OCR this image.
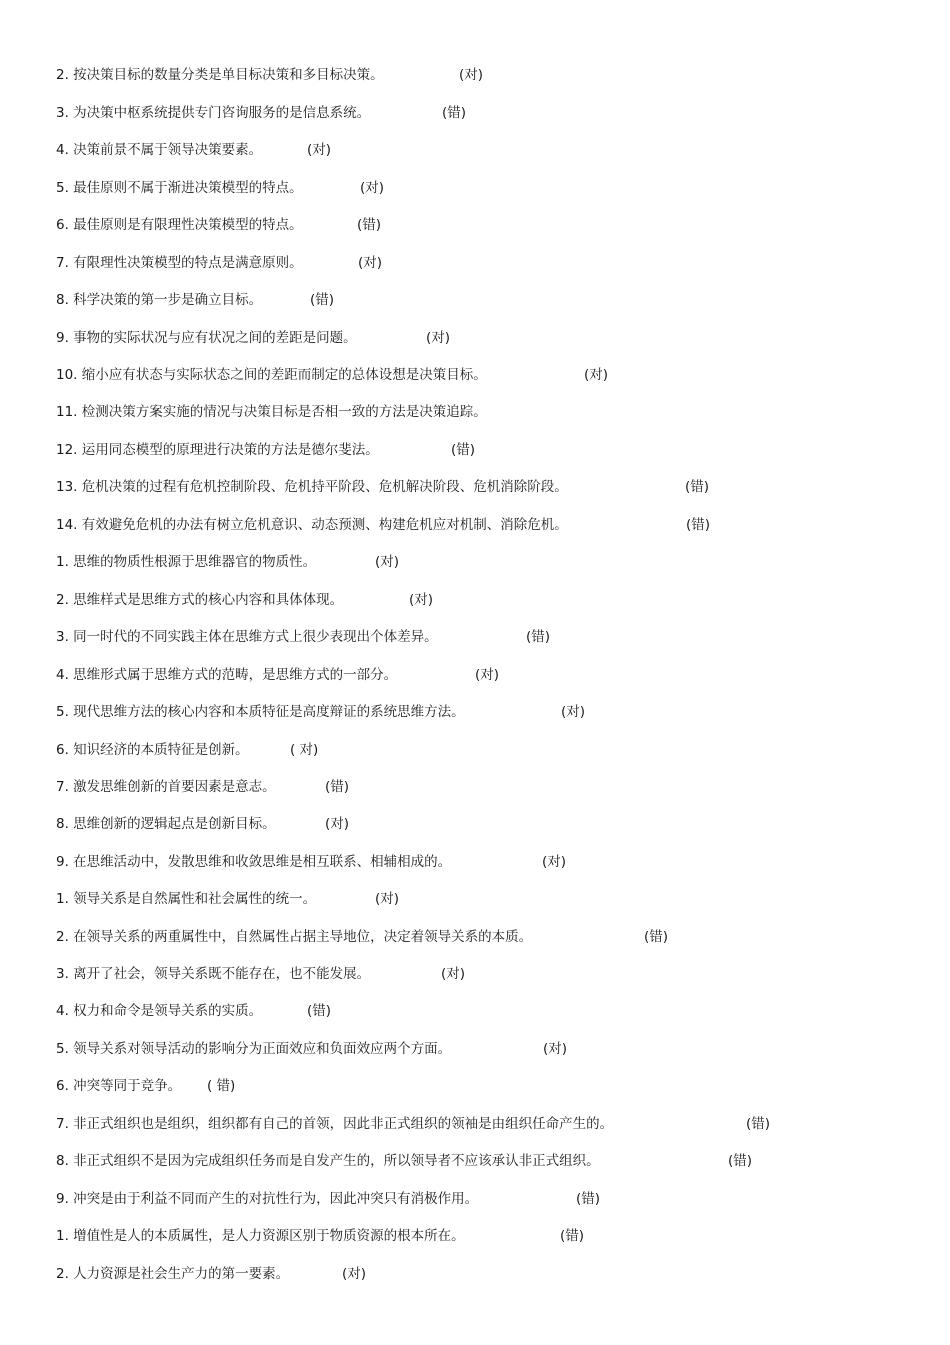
2. 按决策目标的数量分类是单目标决策和多目标决策。	(对)
3. 为决策中枢系统提供专门咨询服务的是信息系统。	(错)
4. 决策前景不属于领导决策要素。	(对)
5. 最佳原则不属于渐进决策模型的特点。	(对)
6. 最佳原则是有限理性决策模型的特点。	(错)
7. 有限理性决策模型的特点是满意原则。	(对)
8. 科学决策的第一步是确立目标。	(错)
9. 事物的实际状况与应有状况之间的差距是问题。	(对)
10. 缩小应有状态与实际状态之间的差距而制定的总体设想是决策目标。	(对)
11. 检测决策方案实施的情况与决策目标是否相一致的方法是决策追踪。
12. 运用同态模型的原理进行决策的方法是德尔斐法。	(错)
13. 危机决策的过程有危机控制阶段、危机持平阶段、危机解决阶段、危机消除阶段。	(错)
14. 有效避免危机的办法有树立危机意识、动态预测、构建危机应对机制、消除危机。	(错)
1. 思维的物质性根源于思维器官的物质性。	(对)
2. 思维样式是思维方式的核心内容和具体体现。	(对)
3. 同一时代的不同实践主体在思维方式上很少表现出个体差异。	(错)
4. 思维形式属于思维方式的范畴，是思维方式的一部分。	(对)
5. 现代思维方法的核心内容和本质特征是高度辩证的系统思维方法。	(对)
6. 知识经济的本质特征是创新。	( 对)
7. 激发思维创新的首要因素是意志。	(错)
8. 思维创新的逻辑起点是创新目标。	(对)
9. 在思维活动中，发散思维和收敛思维是相互联系、相辅相成的。	(对)
1. 领导关系是自然属性和社会属性的统一。	(对)
2. 在领导关系的两重属性中，自然属性占据主导地位，决定着领导关系的本质。	(错)
3. 离开了社会，领导关系既不能存在，也不能发展。	(对)
4. 权力和命令是领导关系的实质。	(错)
5. 领导关系对领导活动的影响分为正面效应和负面效应两个方面。	(对)
6. 冲突等同于竞争。 ( 错)
7. 非正式组织也是组织，组织都有自己的首领，因此非正式组织的领袖是由组织任命产生的。	(错)
8. 非正式组织不是因为完成组织任务而是自发产生的，所以领导者不应该承认非正式组织。	(错)
9. 冲突是由于利益不同而产生的对抗性行为，因此冲突只有消极作用。	(错)
1. 增值性是人的本质属性，是人力资源区别于物质资源的根本所在。	(错)
2. 人力资源是社会生产力的第一要素。	(对)
